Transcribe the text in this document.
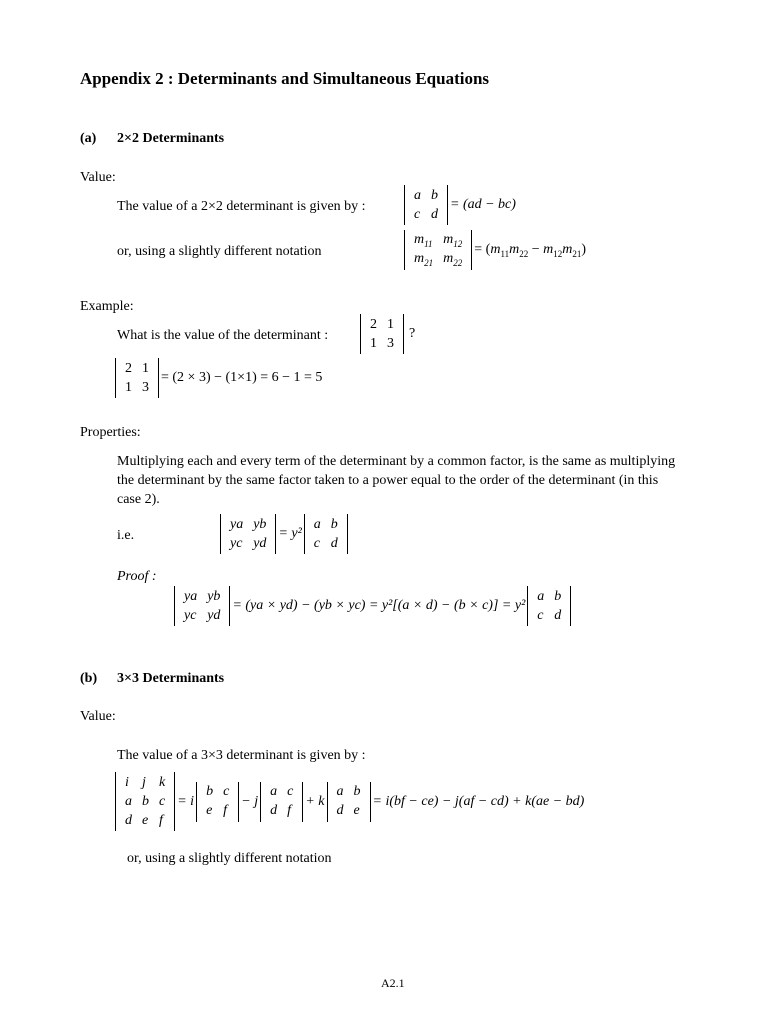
Appendix 2 : Determinants and Simultaneous Equations
(a) 2×2 Determinants
Value:
The value of a 2×2 determinant is given by :
a	b
c	d
= (ad − bc)
or, using a slightly different notation
$m_{11}$	$m_{12}$
$m_{21}$	$m_{22}$
= ( $m_{11}m_{22} - m_{12}m_{21}$ )
Example:
What is the value of the determinant :
2	1
1	3
?
2	1
1	3
= (2 × 3) − (1×1) = 6 − 1 = 5
Properties:
Multiplying each and every term of the determinant by a common factor, is the same as multiplying the determinant by the same factor taken to a power equal to the order of the determinant (in this case 2).
i.e.
ya	yb
yc	yd
= y²
a	b
c	d
Proof :
ya	yb
yc	yd
= (ya × yd) − (yb × yc) = y²[(a × d) − (b × c)] = y²
a	b
c	d
(b) 3×3 Determinants
Value:
The value of a 3×3 determinant is given by :
i	j	k
a	b	c
d	e	f
= i
b	c
e	f
− j
a	c
d	f
+ k
a	b
d	e
= i(bf − ce) − j(af − cd) + k(ae − bd)
or, using a slightly different notation
A2.1
